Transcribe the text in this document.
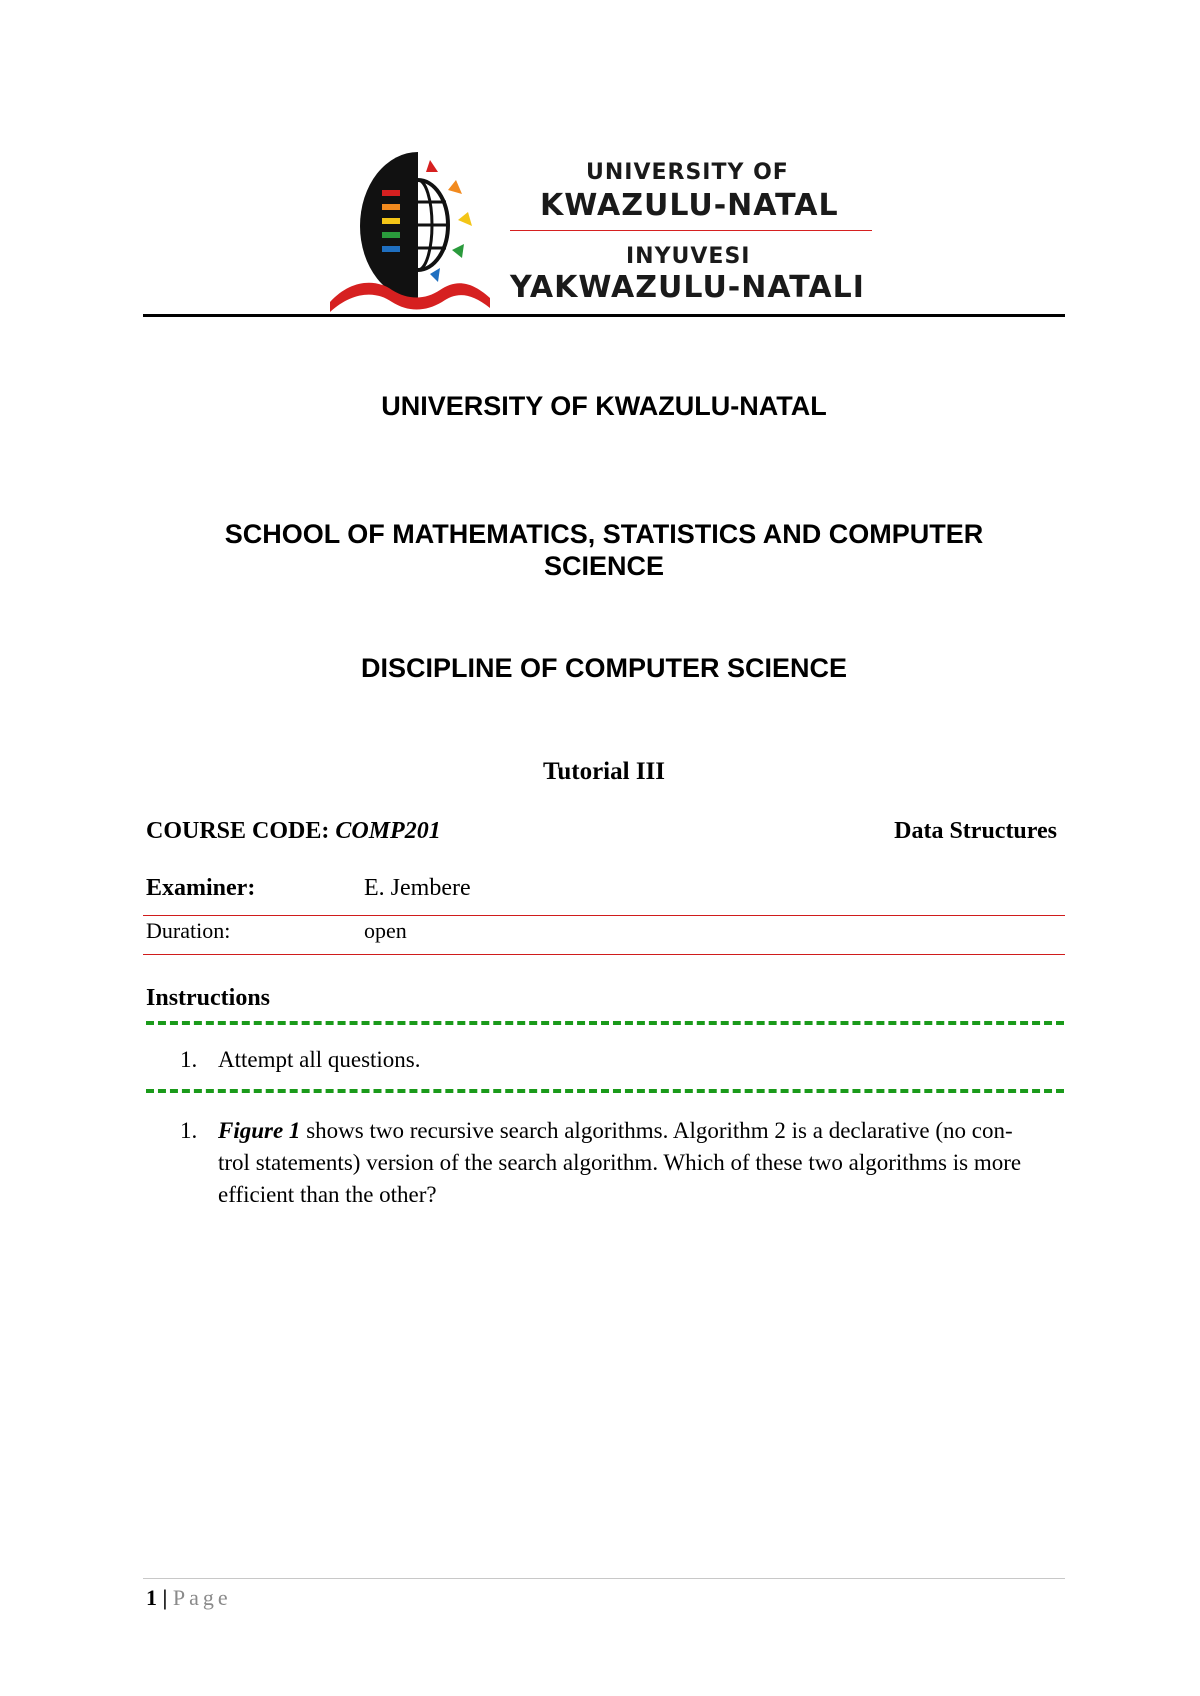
UNIVERSITY OF
KWAZULU-NATAL
INYUVESI
YAKWAZULU-NATALI
UNIVERSITY OF KWAZULU-NATAL
SCHOOL OF MATHEMATICS, STATISTICS AND COMPUTER
SCIENCE
DISCIPLINE OF COMPUTER SCIENCE
Tutorial III
COURSE CODE: COMP201	Data Structures
Examiner:	E. Jembere
Duration:	open
Instructions
1. Attempt all questions.
1. Figure 1 shows two recursive search algorithms. Algorithm 2 is a declarative (no con-
trol statements) version of the search algorithm. Which of these two algorithms is more
efficient than the other?
1 | Page
